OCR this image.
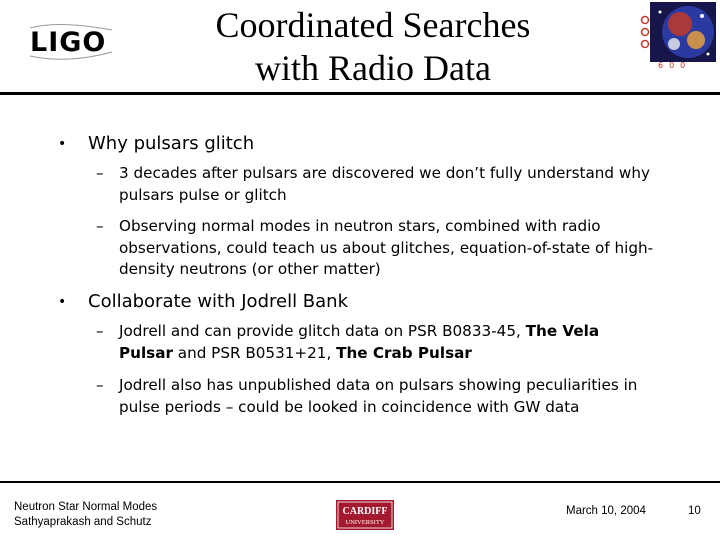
LIGO	Coordinated Searches
with Radio Data	600
• Why pulsars glitch
– 3 decades after pulsars are discovered we don’t fully understand why pulsars pulse or glitch
– Observing normal modes in neutron stars, combined with radio observations, could teach us about glitches, equation-of-state of high-density neutrons (or other matter)
• Collaborate with Jodrell Bank
– Jodrell and can provide glitch data on PSR B0833-45, The Vela Pulsar and PSR B0531+21, The Crab Pulsar
– Jodrell also has unpublished data on pulsars showing peculiarities in pulse periods – could be looked in coincidence with GW data
Neutron Star Normal Modes
Sathyaprakash and Schutz
CARDIFF
UNIVERSITY
March 10, 2004	10
